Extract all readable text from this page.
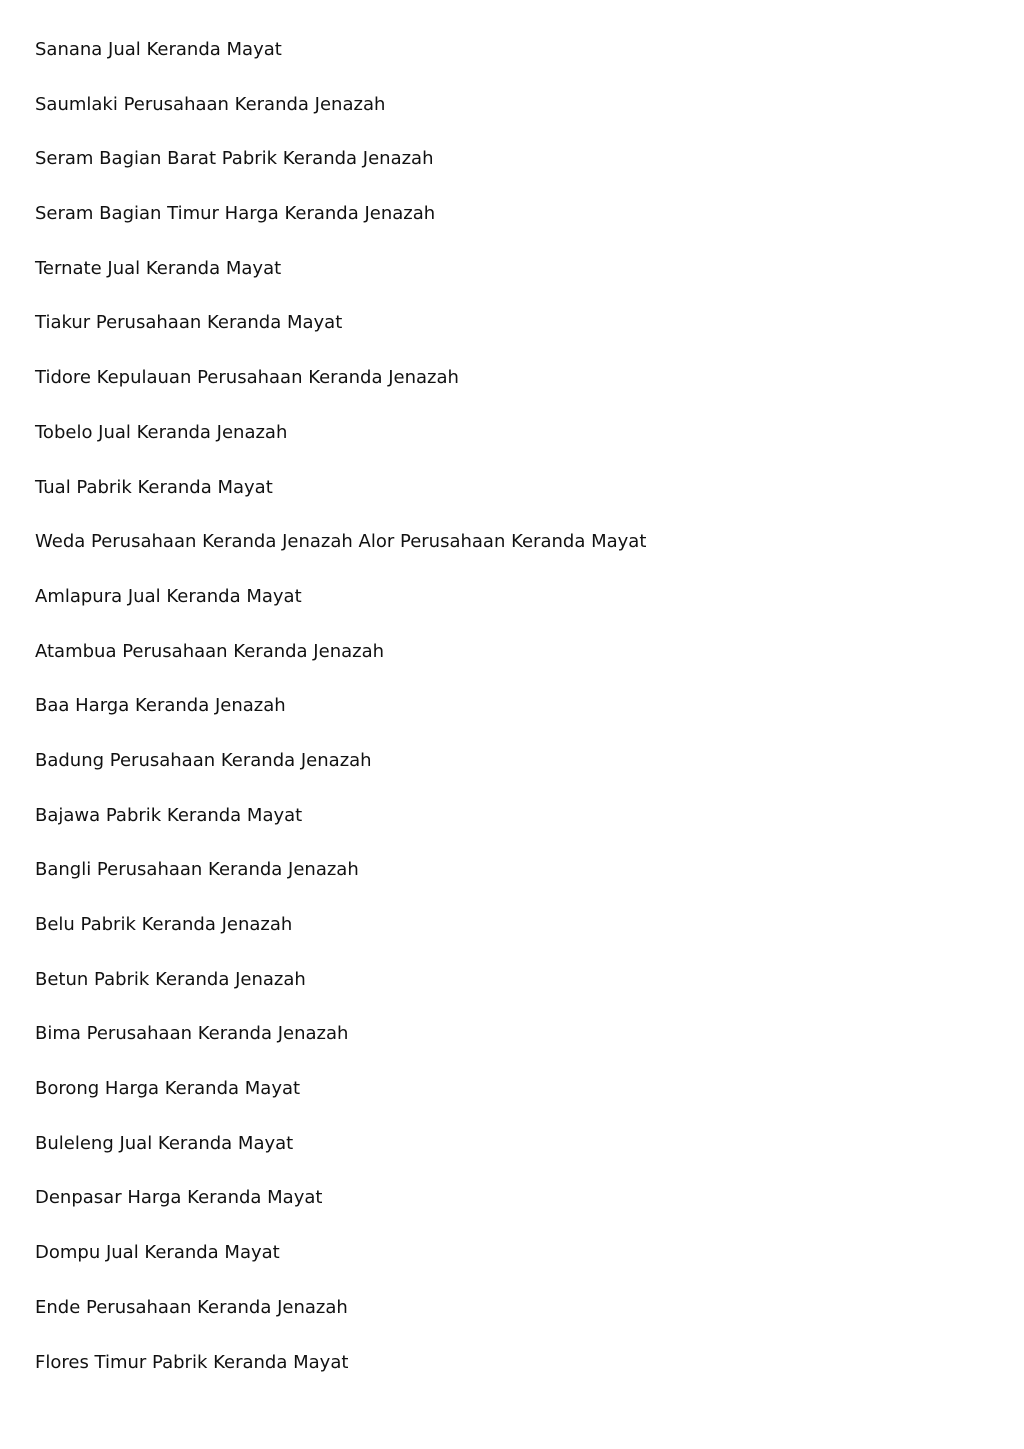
Sanana Jual Keranda Mayat
Saumlaki Perusahaan Keranda Jenazah
Seram Bagian Barat Pabrik Keranda Jenazah
Seram Bagian Timur Harga Keranda Jenazah
Ternate Jual Keranda Mayat
Tiakur Perusahaan Keranda Mayat
Tidore Kepulauan Perusahaan Keranda Jenazah
Tobelo Jual Keranda Jenazah
Tual Pabrik Keranda Mayat
Weda Perusahaan Keranda Jenazah Alor Perusahaan Keranda Mayat
Amlapura Jual Keranda Mayat
Atambua Perusahaan Keranda Jenazah
Baa Harga Keranda Jenazah
Badung Perusahaan Keranda Jenazah
Bajawa Pabrik Keranda Mayat
Bangli Perusahaan Keranda Jenazah
Belu Pabrik Keranda Jenazah
Betun Pabrik Keranda Jenazah
Bima Perusahaan Keranda Jenazah
Borong Harga Keranda Mayat
Buleleng Jual Keranda Mayat
Denpasar Harga Keranda Mayat
Dompu Jual Keranda Mayat
Ende Perusahaan Keranda Jenazah
Flores Timur Pabrik Keranda Mayat
